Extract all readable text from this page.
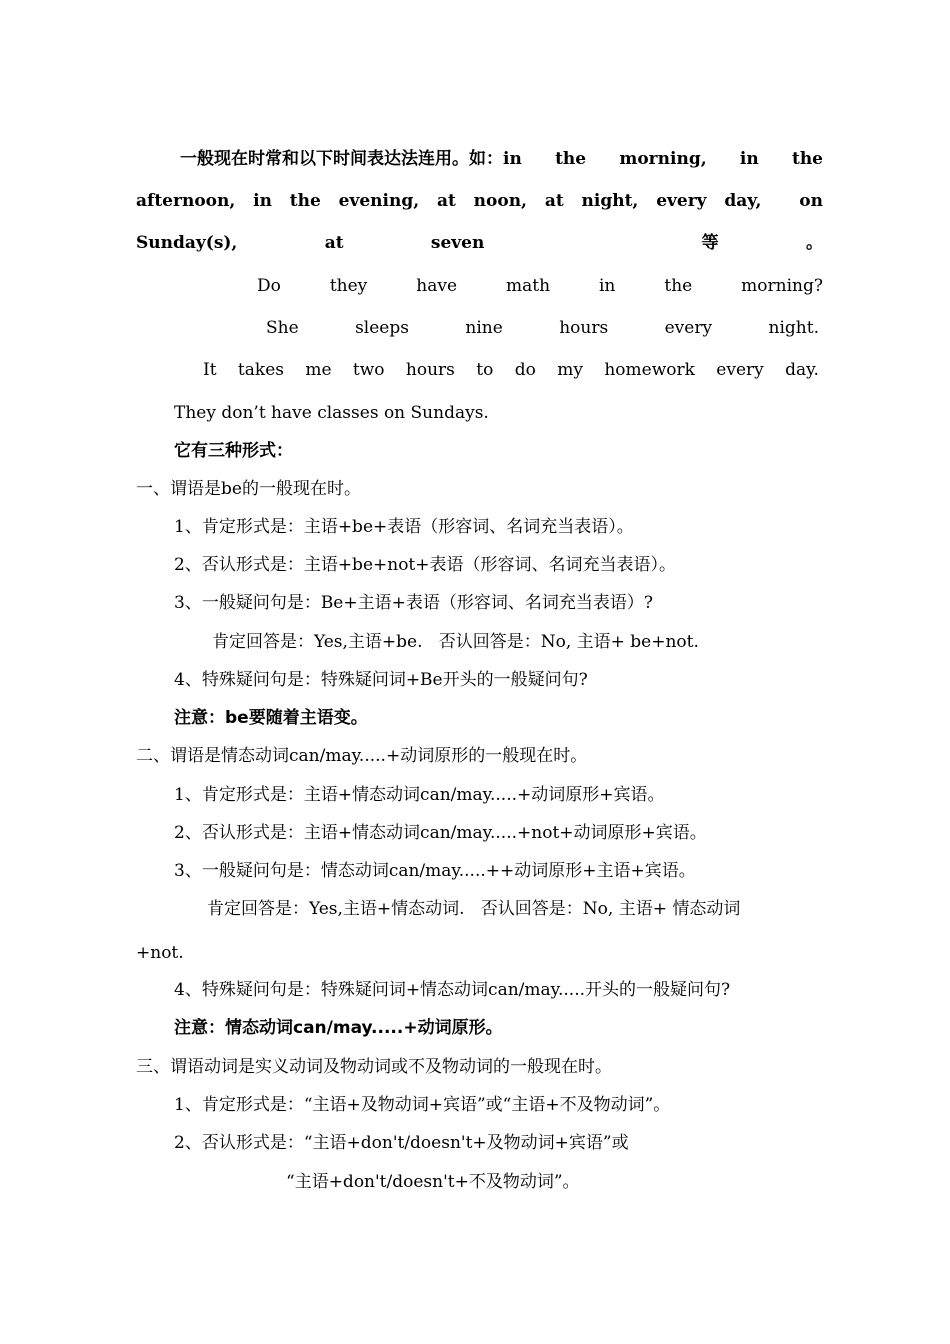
一般现在时常和以下时间表达法连用。如：in the morning, in the
afternoon, in the evening, at noon, at night, every day, on
Sunday(s),	at	seven	等	。
Do	they	have	math	in	the	morning?
She	sleeps	nine	hours	every	night.
It takes me two hours to do my homework every day.
They don’t have classes on Sundays.
它有三种形式：
一、谓语是be的一般现在时。
1、肯定形式是：主语+be+表语（形容词、名词充当表语）。
2、否认形式是：主语+be+not+表语（形容词、名词充当表语）。
3、一般疑问句是：Be+主语+表语（形容词、名词充当表语）?
肯定回答是：Yes,主语+be.   否认回答是：No, 主语+ be+not.
4、特殊疑问句是：特殊疑问词+Be开头的一般疑问句?
注意：be要随着主语变。
二、谓语是情态动词can/may.....+动词原形的一般现在时。
1、肯定形式是：主语+情态动词can/may.....+动词原形+宾语。
2、否认形式是：主语+情态动词can/may.....+not+动词原形+宾语。
3、一般疑问句是：情态动词can/may.....++动词原形+主语+宾语。
肯定回答是：Yes,主语+情态动词.   否认回答是：No, 主语+ 情态动词
+not.
4、特殊疑问句是：特殊疑问词+情态动词can/may.....开头的一般疑问句?
注意：情态动词can/may.....+动词原形。
三、谓语动词是实义动词及物动词或不及物动词的一般现在时。
1、肯定形式是：“主语+及物动词+宾语”或“主语+不及物动词”。
2、否认形式是：“主语+don't/doesn't+及物动词+宾语”或
“主语+don't/doesn't+不及物动词”。
